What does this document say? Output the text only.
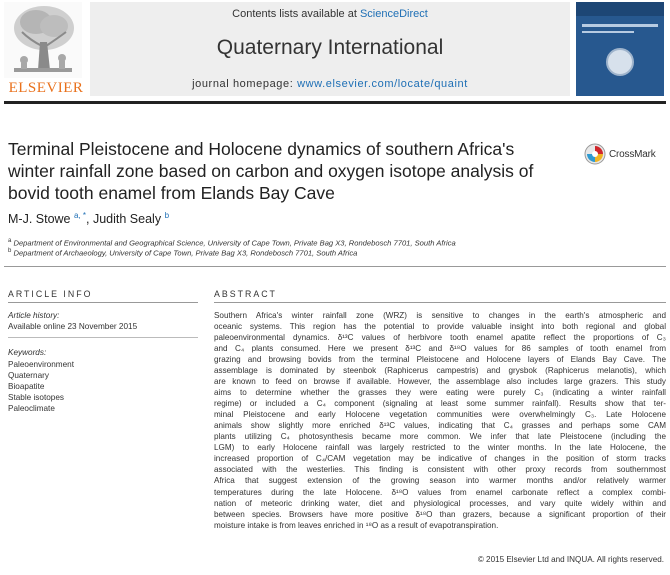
ELSEVIER
Contents lists available at ScienceDirect
Quaternary International
journal homepage: www.elsevier.com/locate/quaint
Terminal Pleistocene and Holocene dynamics of southern Africa's
winter rainfall zone based on carbon and oxygen isotope analysis of
bovid tooth enamel from Elands Bay Cave
CrossMark
M-J. Stowe $^{a, *}$, Judith Sealy $^b$
$^a$ Department of Environmental and Geographical Science, University of Cape Town, Private Bag X3, Rondebosch 7701, South Africa
$^b$ Department of Archaeology, University of Cape Town, Private Bag X3, Rondebosch 7701, South Africa
ARTICLE INFO
Article history:
Available online 23 November 2015
Keywords:
Paleoenvironment
Quaternary
Bioapatite
Stable isotopes
Paleoclimate
ABSTRACT
Southern Africa's winter rainfall zone (WRZ) is sensitive to changes in the earth's atmospheric and
oceanic systems. This region has the potential to provide valuable insight into both regional and global
paleoenvironmental dynamics. δ¹³C values of herbivore tooth enamel apatite reflect the proportions of C₃
and C₄ plants consumed. Here we present δ¹³C and δ¹⁸O values for 86 samples of tooth enamel from
grazing and browsing bovids from the terminal Pleistocene and Holocene layers of Elands Bay Cave. The
assemblage is dominated by steenbok (Raphicerus campestris) and grysbok (Raphicerus melanotis), which
are known to feed on browse if available. However, the assemblage also includes large grazers. This study
aims to determine whether the grasses they were eating were purely C₃ (indicating a winter rainfall
regime) or included a C₄ component (signaling at least some summer rainfall). Results show that ter-
minal Pleistocene and early Holocene vegetation communities were overwhelmingly C₃. Late Holocene
animals show slightly more enriched δ¹³C values, indicating that C₄ grasses and perhaps some CAM
plants utilizing C₄ photosynthesis became more common. We infer that late Pleistocene (including the
LGM) to early Holocene rainfall was largely restricted to the winter months. In the late Holocene, the
increased proportion of C₄/CAM vegetation may be indicative of changes in the position of storm tracks
associated with the westerlies. This finding is consistent with other proxy records from southernmost
Africa that suggest extension of the growing season into warmer months and/or relatively warmer
temperatures during the late Holocene. δ¹⁸O values from enamel carbonate reflect a complex combi-
nation of meteoric drinking water, diet and physiological processes, and vary quite widely within and
between species. Browsers have more positive δ¹⁸O than grazers, because a significant proportion of their
moisture intake is from leaves enriched in ¹⁸O as a result of evapotranspiration.
© 2015 Elsevier Ltd and INQUA. All rights reserved.
